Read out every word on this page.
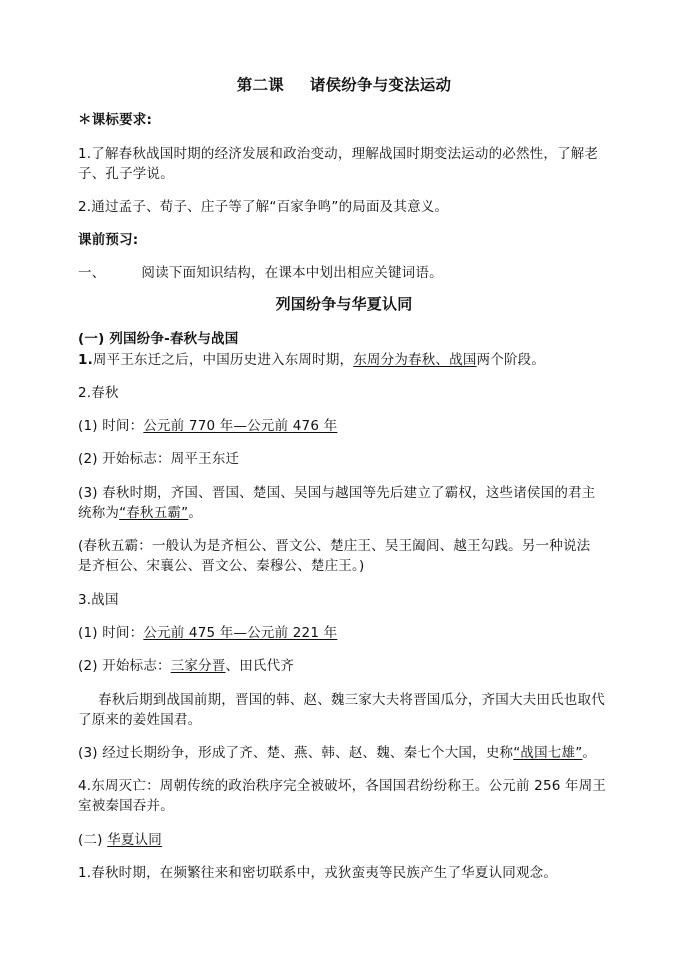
第二课 诸侯纷争与变法运动
＊课标要求:
1.了解春秋战国时期的经济发展和政治变动，理解战国时期变法运动的必然性，了解老
子、孔子学说。
2.通过孟子、荀子、庄子等了解“百家争鸣”的局面及其意义。
课前预习:
一、	阅读下面知识结构，在课本中划出相应关键词语。
列国纷争与华夏认同
(一) 列国纷争-春秋与战国
1.周平王东迁之后，中国历史进入东周时期，东周分为春秋、战国两个阶段。
2.春秋
(1) 时间：公元前 770 年—公元前 476 年
(2) 开始标志：周平王东迁
(3) 春秋时期，齐国、晋国、楚国、吴国与越国等先后建立了霸权，这些诸侯国的君主
统称为“春秋五霸”。
(春秋五霸：一般认为是齐桓公、晋文公、楚庄王、吴王阖闾、越王勾践。另一种说法
是齐桓公、宋襄公、晋文公、秦穆公、楚庄王。)
3.战国
(1) 时间：公元前 475 年—公元前 221 年
(2) 开始标志：三家分晋、田氏代齐
春秋后期到战国前期，晋国的韩、赵、魏三家大夫将晋国瓜分，齐国大夫田氏也取代
了原来的姜姓国君。
(3) 经过长期纷争，形成了齐、楚、燕、韩、赵、魏、秦七个大国，史称“战国七雄”。
4.东周灭亡：周朝传统的政治秩序完全被破坏，各国国君纷纷称王。公元前 256 年周王
室被秦国吞并。
(二) 华夏认同
1.春秋时期，在频繁往来和密切联系中，戎狄蛮夷等民族产生了华夏认同观念。
